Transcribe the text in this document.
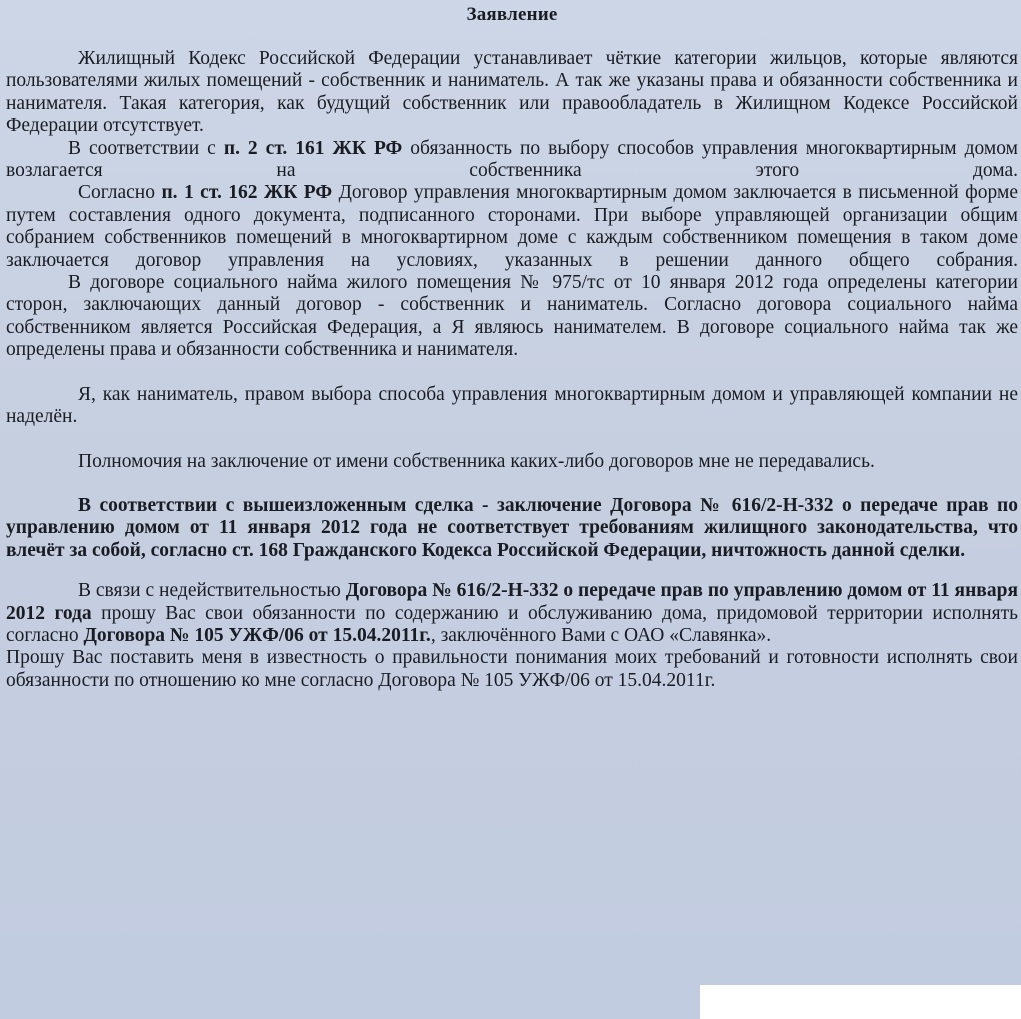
Заявление

Жилищный Кодекс Российской Федерации устанавливает чёткие категории жильцов, которые являются пользователями жилых помещений - собственник и наниматель. А так же указаны права и обязанности собственника и нанимателя. Такая категория, как будущий собственник или правообладатель в Жилищном Кодексе Российской Федерации отсутствует.

В соответствии с п. 2 ст. 161 ЖК РФ обязанность по выбору способов управления многоквартирным домом возлагается на собственника этого дома.

Согласно п. 1 ст. 162 ЖК РФ Договор управления многоквартирным домом заключается в письменной форме путем составления одного документа, подписанного сторонами. При выборе управляющей организации общим собранием собственников помещений в многоквартирном доме с каждым собственником помещения в таком доме заключается договор управления на условиях, указанных в решении данного общего собрания.

В договоре социального найма жилого помещения № 975/тс от 10 января 2012 года определены категории сторон, заключающих данный договор - собственник и наниматель. Согласно договора социального найма собственником является Российская Федерация, а Я являюсь нанимателем. В договоре социального найма так же определены права и обязанности собственника и нанимателя.

Я, как наниматель, правом выбора способа управления многоквартирным домом и управляющей компании не наделён.

Полномочия на заключение от имени собственника каких-либо договоров мне не передавались.

В соответствии с вышеизложенным сделка - заключение Договора № 616/2-Н-332 о передаче прав по управлению домом от 11 января 2012 года не соответствует требованиям жилищного законодательства, что влечёт за собой, согласно ст. 168 Гражданского Кодекса Российской Федерации, ничтожность данной сделки.

В связи с недействительностью Договора № 616/2-Н-332 о передаче прав по управлению домом от 11 января 2012 года прошу Вас свои обязанности по содержанию и обслуживанию дома, придомовой территории исполнять согласно Договора № 105 УЖФ/06 от 15.04.2011г., заключённого Вами с ОАО «Славянка».

Прошу Вас поставить меня в известность о правильности понимания моих требований и готовности исполнять свои обязанности по отношению ко мне согласно Договора № 105 УЖФ/06 от 15.04.2011г.
